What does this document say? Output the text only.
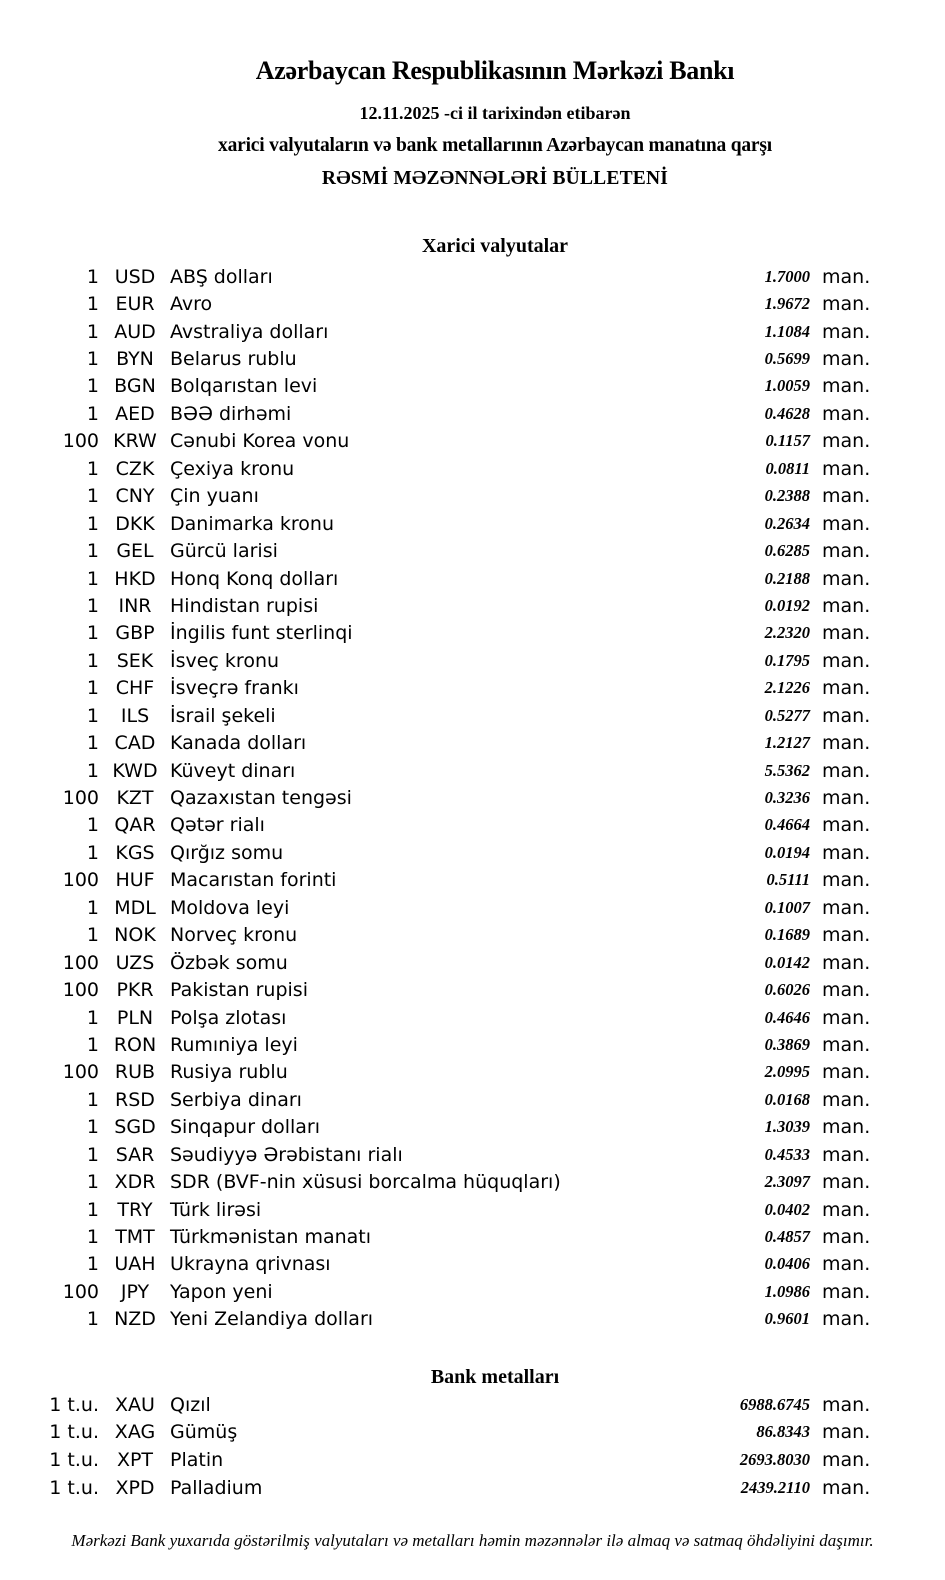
Azərbaycan Respublikasının Mərkəzi Bankı
12.11.2025 -ci il tarixindən etibarən
xarici valyutaların və bank metallarının Azərbaycan manatına qarşı
RƏSMİ MƏZƏNNƏLƏRİ BÜLLETENİ
Xarici valyutalar
1 USD ABŞ dolları	1.7000 man.
1 EUR Avro	1.9672 man.
1 AUD Avstraliya dolları	1.1084 man.
1 BYN Belarus rublu	0.5699 man.
1 BGN Bolqarıstan levi	1.0059 man.
1 AED BƏƏ dirhəmi	0.4628 man.
100 KRW Cənubi Korea vonu	0.1157 man.
1 CZK Çexiya kronu	0.0811 man.
1 CNY Çin yuanı	0.2388 man.
1 DKK Danimarka kronu	0.2634 man.
1 GEL Gürcü larisi	0.6285 man.
1 HKD Honq Konq dolları	0.2188 man.
1	INR Hindistan rupisi	0.0192 man.
1 GBP İngilis funt sterlinqi	2.2320 man.
1 SEK İsveç kronu	0.1795 man.
1 CHF İsveçrə frankı	2.1226 man.
1	ILS	İsrail şekeli	0.5277 man.
1 CAD Kanada dolları	1.2127 man.
1 KWD Küveyt dinarı	5.5362 man.
100 KZT Qazaxıstan tengəsi	0.3236 man.
1 QAR Qətər rialı	0.4664 man.
1 KGS Qırğız somu	0.0194 man.
100 HUF Macarıstan forinti	0.5111 man.
1 MDL Moldova leyi	0.1007 man.
1 NOK Norveç kronu	0.1689 man.
100 UZS Özbək somu	0.0142 man.
100 PKR Pakistan rupisi	0.6026 man.
1 PLN Polşa zlotası	0.4646 man.
1 RON Rumıniya leyi	0.3869 man.
100 RUB Rusiya rublu	2.0995 man.
1 RSD Serbiya dinarı	0.0168 man.
1 SGD Sinqapur dolları	1.3039 man.
1 SAR Səudiyyə Ərəbistanı rialı	0.4533 man.
1 XDR SDR (BVF-nin xüsusi borcalma hüquqları)	2.3097 man.
1 TRY Türk lirəsi	0.0402 man.
1 TMT Türkmənistan manatı	0.4857 man.
1 UAH Ukrayna qrivnası	0.0406 man.
100	JPY	Yapon yeni	1.0986 man.
1 NZD Yeni Zelandiya dolları	0.9601 man.
Bank metalları
1 t.u. XAU Qızıl	6988.6745 man.
1 t.u. XAG Gümüş	86.8343 man.
1 t.u. XPT Platin	2693.8030 man.
1 t.u. XPD Palladium	2439.2110 man.
Mərkəzi Bank yuxarıda göstərilmiş valyutaları və metalları həmin məzənnələr ilə almaq və satmaq öhdəliyini daşımır.
